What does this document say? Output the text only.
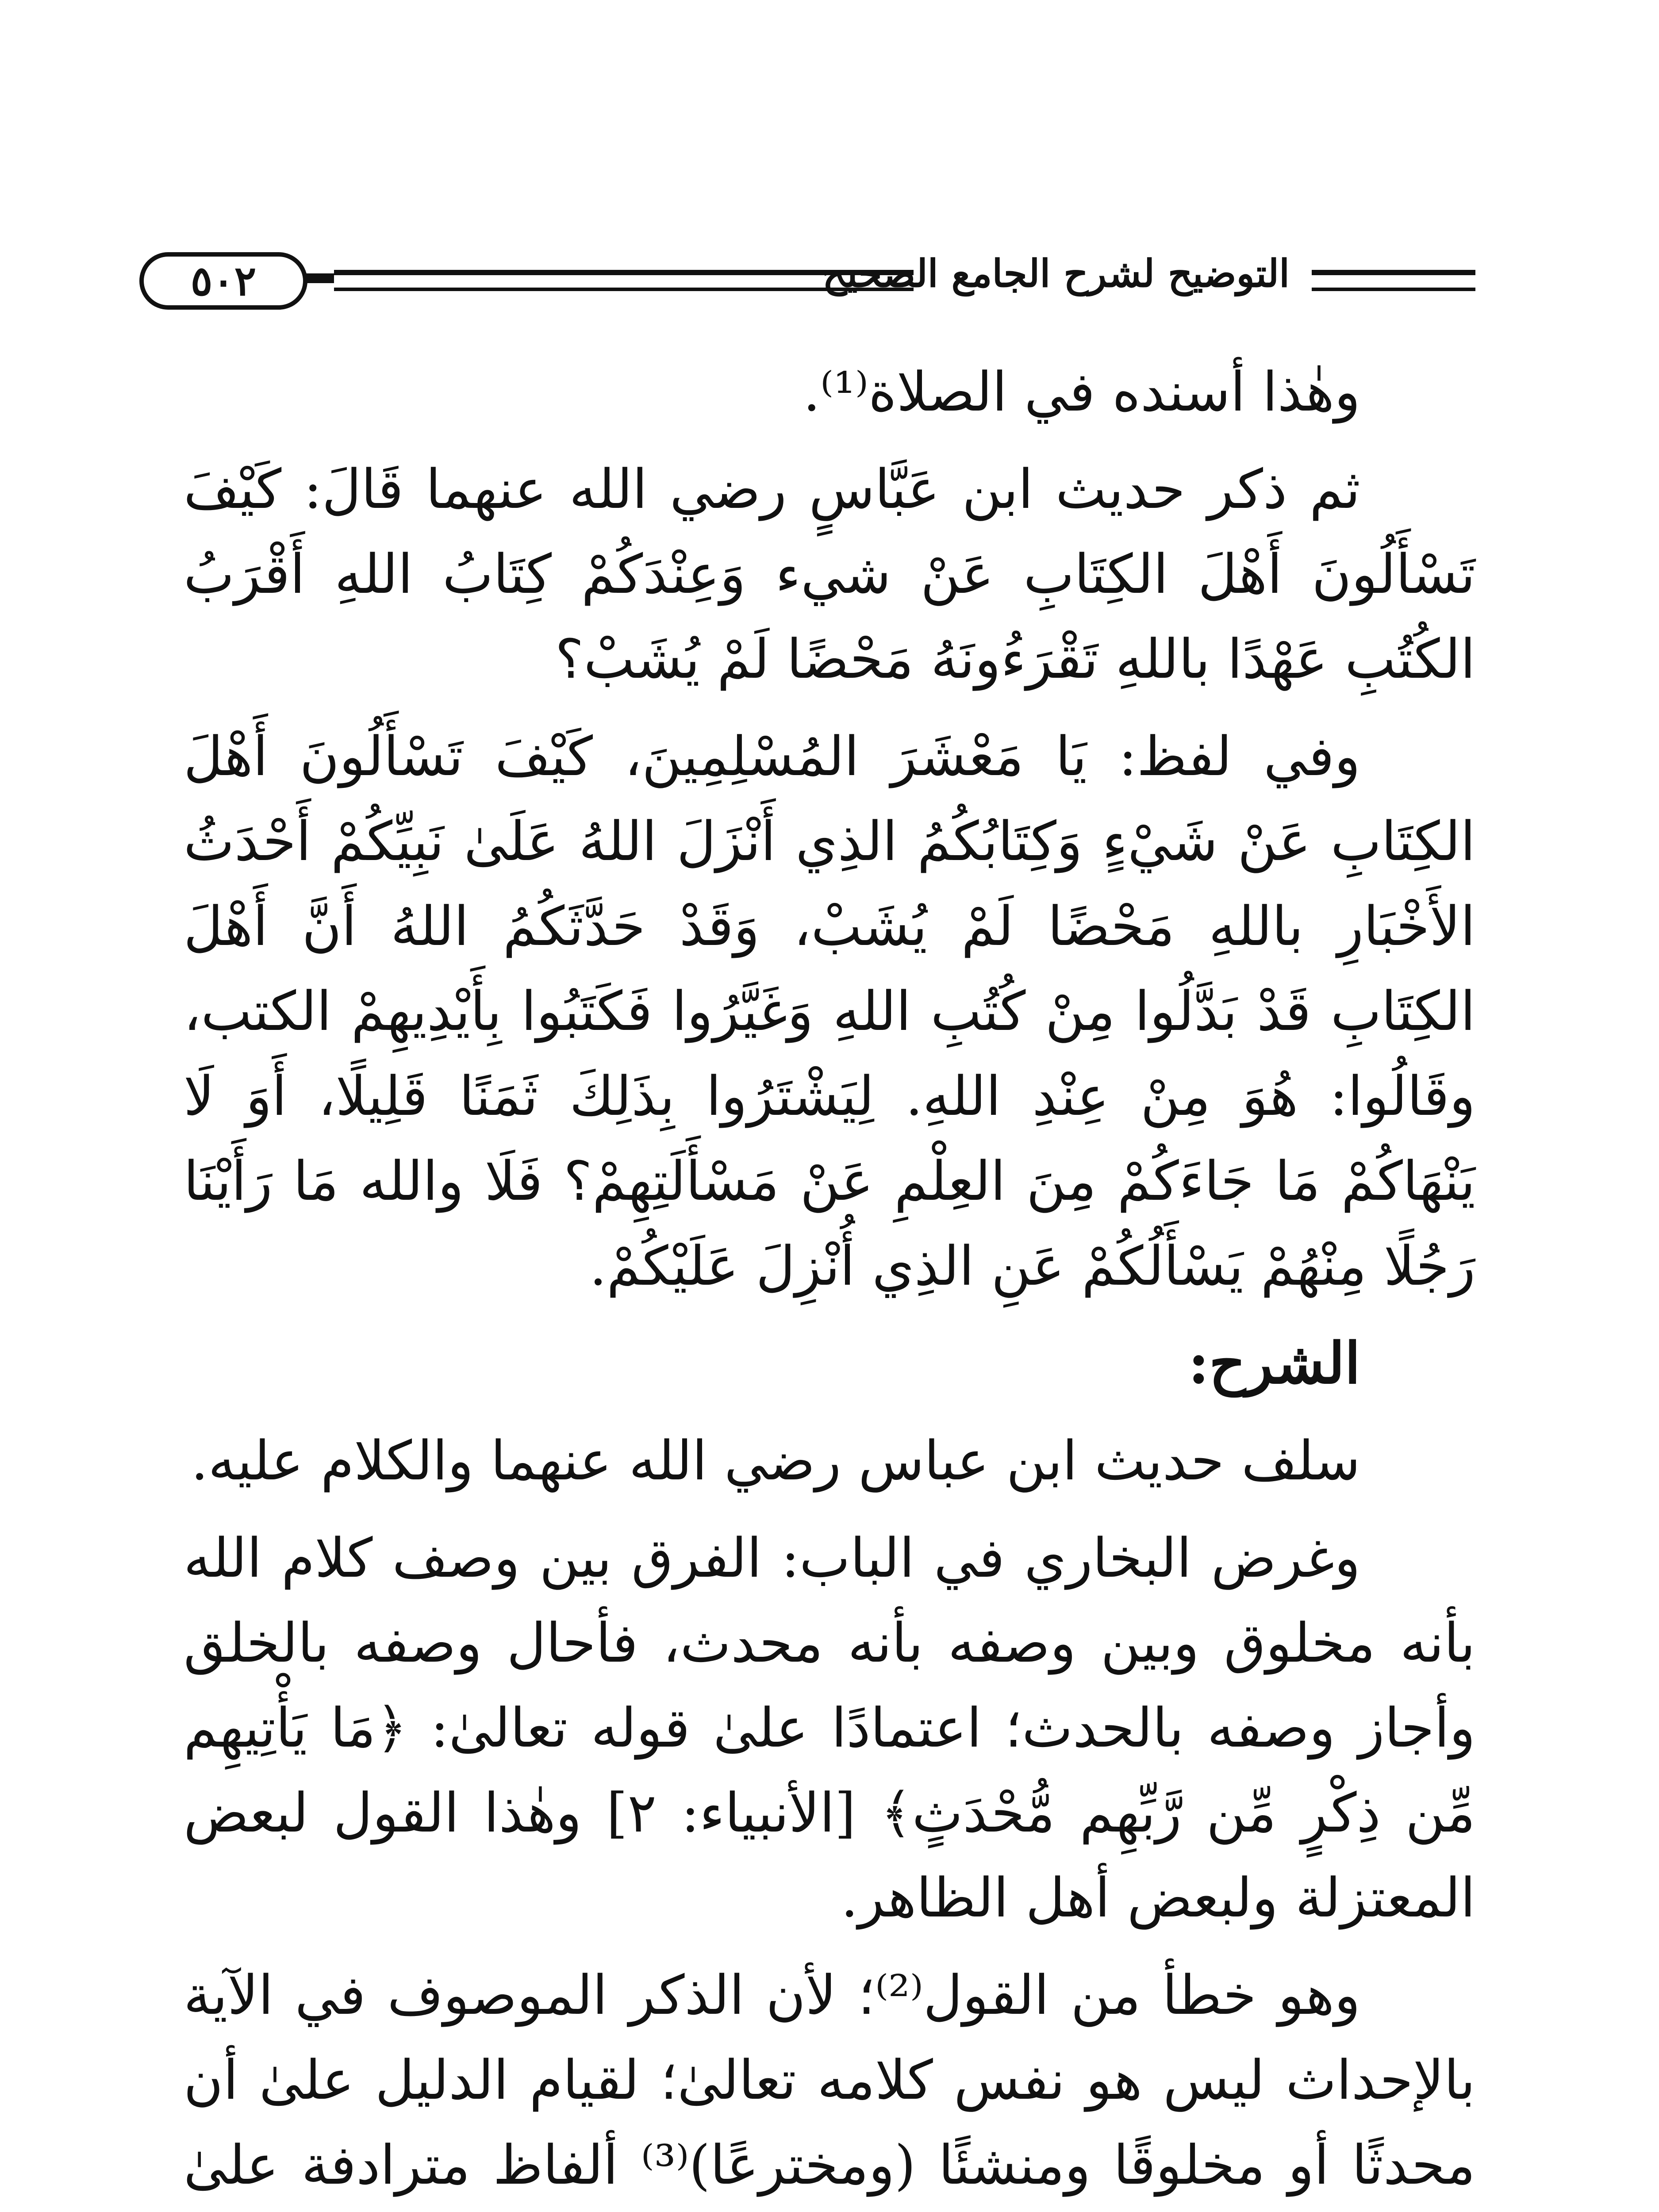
٥٠٢	التوضيح لشرح الجامع الصحيح

وهٰذا أسنده في الصلاة⁽¹⁾.

ثم ذكر حديث ابن عَبَّاسٍ رضي الله عنهما قَالَ: كَيْفَ تَسْأَلُونَ أَهْلَ الكِتَابِ عَنْ شيء وَعِنْدَكُمْ كِتَابُ اللهِ أَقْرَبُ الكُتُبِ عَهْدًا باللهِ تَقْرَءُونَهُ مَحْضًا لَمْ يُشَبْ؟

وفي لفظ: يَا مَعْشَرَ المُسْلِمِينَ، كَيْفَ تَسْأَلُونَ أَهْلَ الكِتَابِ عَنْ شَيْءٍ وَكِتَابُكُمُ الذِي أَنْزَلَ اللهُ عَلَىٰ نَبِيِّكُمْ أَحْدَثُ الأَخْبَارِ باللهِ مَحْضًا لَمْ يُشَبْ، وَقَدْ حَدَّثَكُمُ اللهُ أَنَّ أَهْلَ الكِتَابِ قَدْ بَدَّلُوا مِنْ كُتُبِ اللهِ وَغَيَّرُوا فَكَتَبُوا بِأَيْدِيهِمْ الكتب، وقَالُوا: هُوَ مِنْ عِنْدِ اللهِ. لِيَشْتَرُوا بِذَلِكَ ثَمَنًا قَلِيلًا، أَوَ لَا يَنْهَاكُمْ مَا جَاءَكُمْ مِنَ العِلْمِ عَنْ مَسْأَلَتِهِمْ؟ فَلَا والله مَا رَأَيْنَا رَجُلًا مِنْهُمْ يَسْأَلُكُمْ عَنِ الذِي أُنْزِلَ عَلَيْكُمْ.

الشرح:

سلف حديث ابن عباس رضي الله عنهما والكلام عليه.

وغرض البخاري في الباب: الفرق بين وصف كلام الله بأنه مخلوق وبين وصفه بأنه محدث، فأحال وصفه بالخلق وأجاز وصفه بالحدث؛ اعتمادًا علىٰ قوله تعالىٰ: ﴿مَا يَأْتِيهِم مِّن ذِكْرٍ مِّن رَّبِّهِم مُّحْدَثٍ﴾ [الأنبياء: ٢] وهٰذا القول لبعض المعتزلة ولبعض أهل الظاهر.

وهو خطأ من القول⁽²⁾؛ لأن الذكر الموصوف في الآية بالإحداث ليس هو نفس كلامه تعالىٰ؛ لقيام الدليل علىٰ أن محدثًا أو مخلوقًا ومنشئًا (ومخترعًا)⁽³⁾ ألفاظ مترادفة علىٰ
